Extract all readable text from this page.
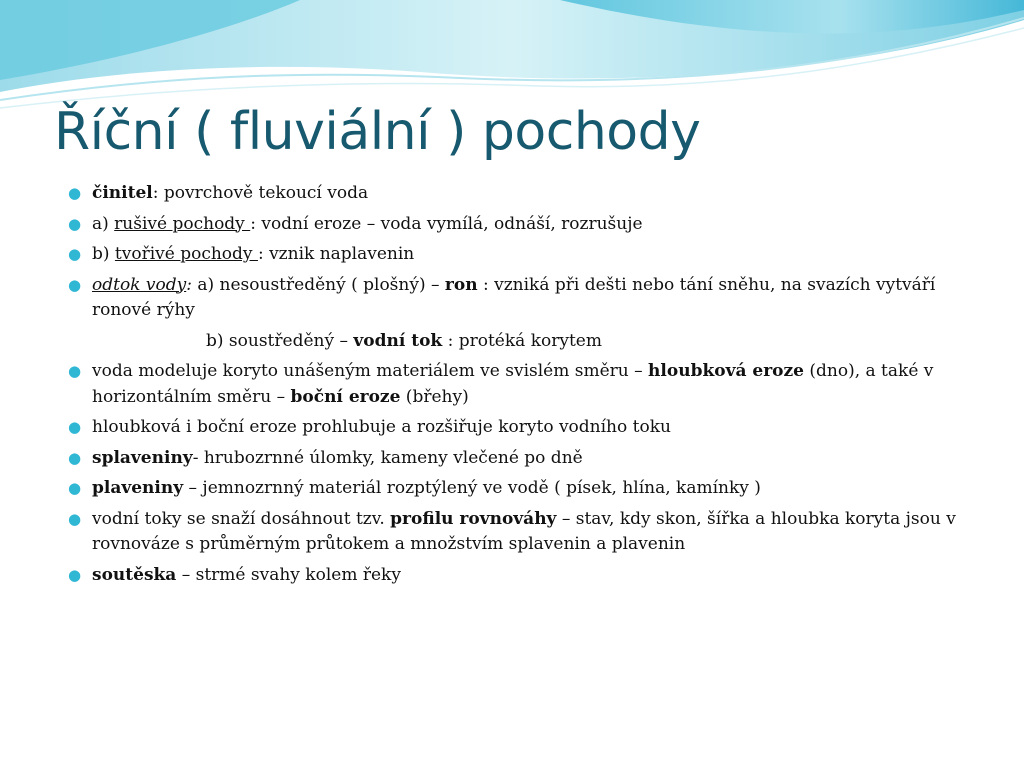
Říční ( fluviální ) pochody
● činitel: povrchově tekoucí voda
● a) rušivé pochody : vodní eroze – voda vymílá, odnáší, rozrušuje
● b) tvořivé pochody : vznik naplavenin
● odtok vody: a) nesoustředěný ( plošný) – ron : vzniká při dešti nebo tání sněhu, na svazích vytváří ronové rýhy
b) soustředěný – vodní tok : protéká korytem
● voda modeluje koryto unášeným materiálem ve svislém směru – hloubková eroze (dno), a také v horizontálním směru – boční eroze (břehy)
● hloubková i boční eroze prohlubuje a rozšiřuje koryto vodního toku
● splaveniny- hrubozrnné úlomky, kameny vlečené po dně
● plaveniny – jemnozrnný materiál rozptýlený ve vodě ( písek, hlína, kamínky )
● vodní toky se snaží dosáhnout tzv. profilu rovnováhy – stav, kdy skon, šířka a hloubka koryta jsou v rovnováze s průměrným průtokem a množstvím splavenin a plavenin
● soutěska – strmé svahy kolem řeky
